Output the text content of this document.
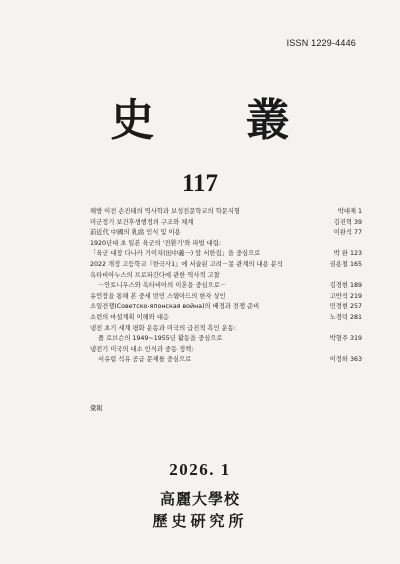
ISSN 1229-4446
史 叢
117
해방 이전 손진태의 역사학과 보성전문학교의 학문지형	박대재 1
미군정기 보건후생행정의 구조와 체계	김진혁 39
前近代 中國의 乳腐 인식 및 이용	이완석 77
1920년대 초 일본 육군의 '전환기'와 파벌 대립:
「육군 대장 다나카 기이치(田中義一) 앞 서한집」을 중심으로	박 완 123
2022 개정 고등학교『한국사1』에 서술된 고려－몽 관계의 내용 분석	권용철 165
옥타비아누스의 프로파간다에 관한 역사적 고찰
－안토니우스와 옥타비아의 이혼을 중심으로－	김경현 189
유언장을 통해 본 중세 빈민 스탬아드의 한자 상인	고반석 219
소일전쟁(Советско-японская война)의 배경과 전쟁 준비	민경현 257
소련의 마셜계획 이해와 대응	노경덕 281
냉전 초기 세계 평화 운동과 미국의 급진적 흑인 운동:
폴 로브슨의 1949~1955년 활동을 중심으로	박형주 319
냉전기 미국의 대소 인식과 중동 정책:
서유럽 석유 공급 문제를 중심으로	이정하 363
彙報
2026. 1
高麗大學校
歷史硏究所
